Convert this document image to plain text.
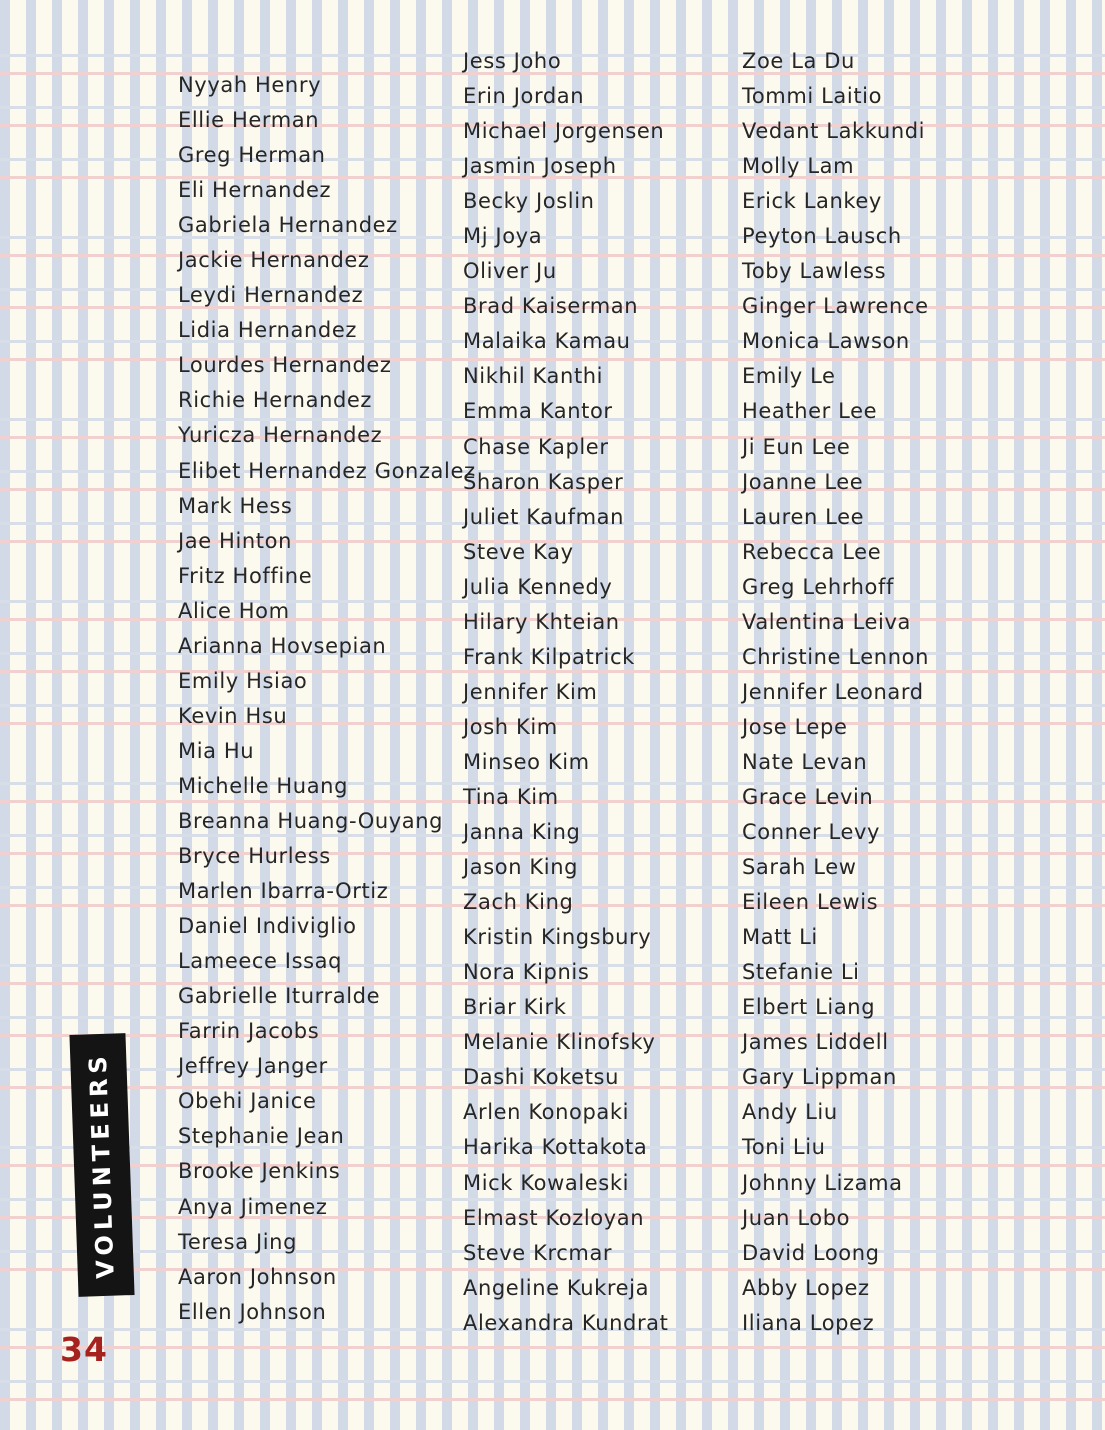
Nyyah Henry
Ellie Herman
Greg Herman
Eli Hernandez
Gabriela Hernandez
Jackie Hernandez
Leydi Hernandez
Lidia Hernandez
Lourdes Hernandez
Richie Hernandez
Yuricza Hernandez
Elibet Hernandez Gonzalez
Mark Hess
Jae Hinton
Fritz Hoffine
Alice Hom
Arianna Hovsepian
Emily Hsiao
Kevin Hsu
Mia Hu
Michelle Huang
Breanna Huang-Ouyang
Bryce Hurless
Marlen Ibarra-Ortiz
Daniel Indiviglio
Lameece Issaq
Gabrielle Iturralde
Farrin Jacobs
Jeffrey Janger
Obehi Janice
Stephanie Jean
Brooke Jenkins
Anya Jimenez
Teresa Jing
Aaron Johnson
Ellen Johnson
Jess Joho
Erin Jordan
Michael Jorgensen
Jasmin Joseph
Becky Joslin
Mj Joya
Oliver Ju
Brad Kaiserman
Malaika Kamau
Nikhil Kanthi
Emma Kantor
Chase Kapler
Sharon Kasper
Juliet Kaufman
Steve Kay
Julia Kennedy
Hilary Khteian
Frank Kilpatrick
Jennifer Kim
Josh Kim
Minseo Kim
Tina Kim
Janna King
Jason King
Zach King
Kristin Kingsbury
Nora Kipnis
Briar Kirk
Melanie Klinofsky
Dashi Koketsu
Arlen Konopaki
Harika Kottakota
Mick Kowaleski
Elmast Kozloyan
Steve Krcmar
Angeline Kukreja
Alexandra Kundrat
Zoe La Du
Tommi Laitio
Vedant Lakkundi
Molly Lam
Erick Lankey
Peyton Lausch
Toby Lawless
Ginger Lawrence
Monica Lawson
Emily Le
Heather Lee
Ji Eun Lee
Joanne Lee
Lauren Lee
Rebecca Lee
Greg Lehrhoff
Valentina Leiva
Christine Lennon
Jennifer Leonard
Jose Lepe
Nate Levan
Grace Levin
Conner Levy
Sarah Lew
Eileen Lewis
Matt Li
Stefanie Li
Elbert Liang
James Liddell
Gary Lippman
Andy Liu
Toni Liu
Johnny Lizama
Juan Lobo
David Loong
Abby Lopez
Iliana Lopez
VOLUNTEERS
34
